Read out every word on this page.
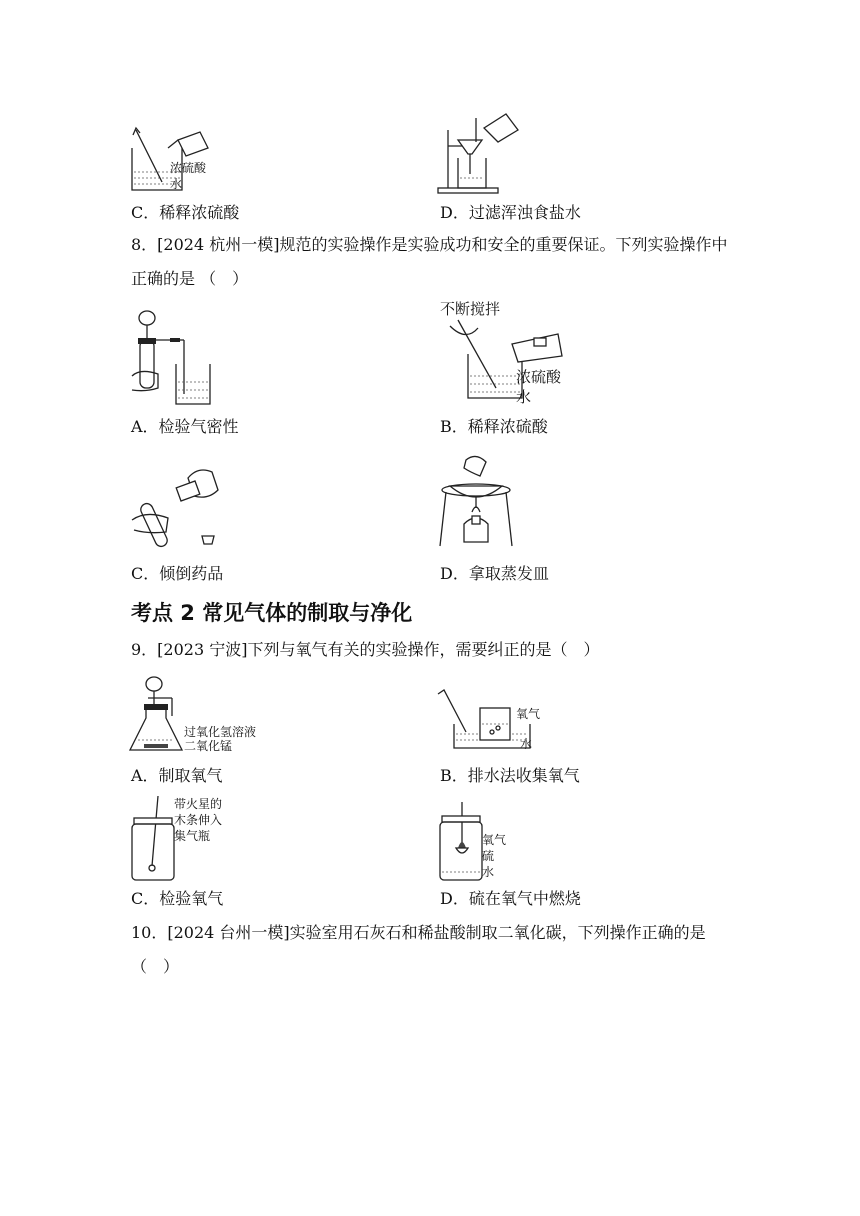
浓硫酸
水
C．稀释浓硫酸	D．过滤浑浊食盐水
8．[2024 杭州一模]规范的实验操作是实验成功和安全的重要保证。下列实验操作中正确的是 （　）
A．检验气密性
不断搅拌
浓硫酸
水
B．稀释浓硫酸
C．倾倒药品	D．拿取蒸发皿
考点 2 常见气体的制取与净化
9．[2023 宁波]下列与氧气有关的实验操作，需要纠正的是（　）
过氧化氢溶液
二氧化锰
A．制取氧气
氧气
水
B．排水法收集氧气
带火星的
木条伸入
集气瓶
C．检验氧气
氧气
硫
水
D．硫在氧气中燃烧
10．[2024 台州一模]实验室用石灰石和稀盐酸制取二氧化碳，下列操作正确的是（　）
